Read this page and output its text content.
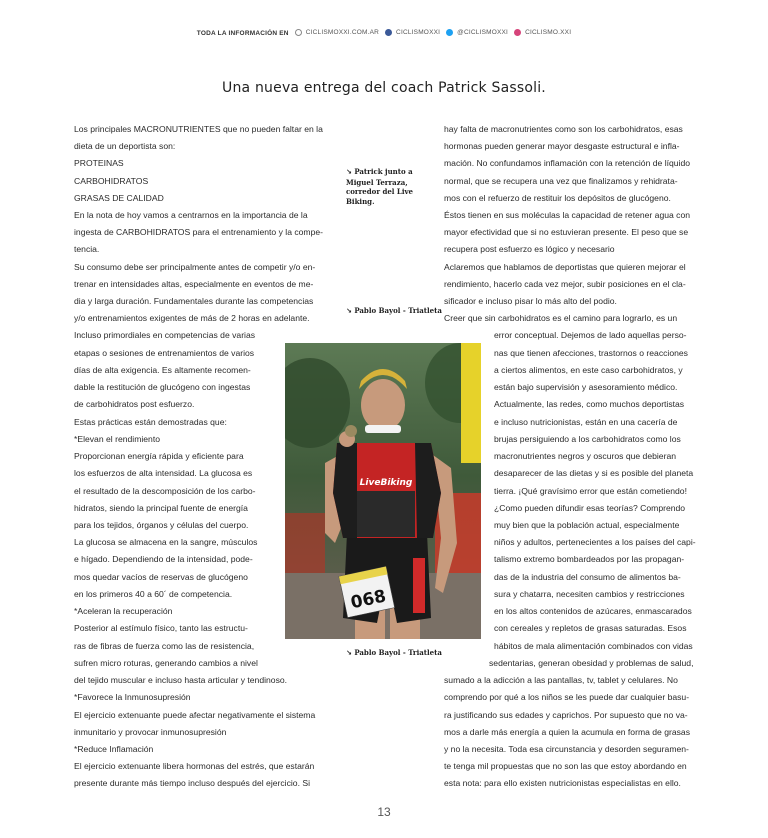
TODA LA INFORMACIÓN EN	CICLISMOXXI.COM.AR	CICLISMOXXI	@CICLISMOXXI	CICLISMO.XXI
Una nueva entrega del coach Patrick Sassoli.
Los principales MACRONUTRIENTES que no pueden faltar en la
dieta de un deportista son:
PROTEINAS
CARBOHIDRATOS
GRASAS DE CALIDAD
En la nota de hoy vamos a centrarnos en la importancia de la
ingesta de CARBOHIDRATOS para el entrenamiento y la compe-
tencia.
Su consumo debe ser principalmente antes de competir y/o en-
trenar en intensidades altas, especialmente en eventos de me-
dia y larga duración. Fundamentales durante las competencias
y/o entrenamientos exigentes de más de 2 horas en adelante.
Incluso primordiales en competencias de varias
etapas o sesiones de entrenamientos de varios
días de alta exigencia. Es altamente recomen-
dable la restitución de glucógeno con ingestas
de carbohidratos post esfuerzo.
Estas prácticas están demostradas que:
*Elevan el rendimiento
Proporcionan energía rápida y eficiente para
los esfuerzos de alta intensidad. La glucosa es
el resultado de la descomposición de los carbo-
hidratos, siendo la principal fuente de energía
para los tejidos, órganos y células del cuerpo.
La glucosa se almacena en la sangre, músculos
e hígado. Dependiendo de la intensidad, pode-
mos quedar vacíos de reservas de glucógeno
en los primeros 40 a 60´ de competencia.
*Aceleran la recuperación
Posterior al estímulo físico, tanto las estructu-
ras de fibras de fuerza como las de resistencia,
sufren micro roturas, generando cambios a nivel
del tejido muscular e incluso hasta articular y tendinoso.
*Favorece la Inmunosupresión
El ejercicio extenuante puede afectar negativamente el sistema
inmunitario y provocar inmunosupresión
*Reduce Inflamación
El ejercicio extenuante libera hormonas del estrés, que estarán
presente durante más tiempo incluso después del ejercicio. Si
↘ Patrick junto a Miguel Terraza, corredor del Live Biking.
↘ Pablo Bayol - Triatleta
↘ Pablo Bayol - Triatleta
LiveBiking
068
hay falta de macronutrientes como son los carbohidratos, esas
hormonas pueden generar mayor desgaste estructural e infla-
mación. No confundamos inflamación con la retención de líquido
normal, que se recupera una vez que finalizamos y rehidrata-
mos con el refuerzo de restituir los depósitos de glucógeno.
Éstos tienen en sus moléculas la capacidad de retener agua con
mayor efectividad que si no estuvieran presente. El peso que se
recupera post esfuerzo es lógico y necesario
Aclaremos que hablamos de deportistas que quieren mejorar el
rendimiento, hacerlo cada vez mejor, subir posiciones en el cla-
sificador e incluso pisar lo más alto del podio.
Creer que sin carbohidratos es el camino para lograrlo, es un
error conceptual. Dejemos de lado aquellas perso-
nas que tienen afecciones, trastornos o reacciones
a ciertos alimentos, en este caso carbohidratos, y
están bajo supervisión y asesoramiento médico.
Actualmente, las redes, como muchos deportistas
e incluso nutricionistas, están en una cacería de
brujas persiguiendo a los carbohidratos como los
macronutrientes negros y oscuros que debieran
desaparecer de las dietas y si es posible del planeta
tierra. ¡Qué gravísimo error que están cometiendo!
¿Como pueden difundir esas teorías? Comprendo
muy bien que la población actual, especialmente
niños y adultos, pertenecientes a los países del capi-
talismo extremo bombardeados por las propagan-
das de la industria del consumo de alimentos ba-
sura y chatarra, necesiten cambios y restricciones
en los altos contenidos de azúcares, enmascarados
con cereales y repletos de grasas saturadas. Esos
hábitos de mala alimentación combinados con vidas
sedentarias, generan obesidad y problemas de salud,
sumado a la adicción a las pantallas, tv, tablet y celulares. No
comprendo por qué a los niños se les puede dar cualquier basu-
ra justificando sus edades y caprichos. Por supuesto que no va-
mos a darle más energía a quien la acumula en forma de grasas
y no la necesita. Toda esa circunstancia y desorden seguramen-
te tenga mil propuestas que no son las que estoy abordando en
esta nota: para ello existen nutricionistas especialistas en ello.
13
